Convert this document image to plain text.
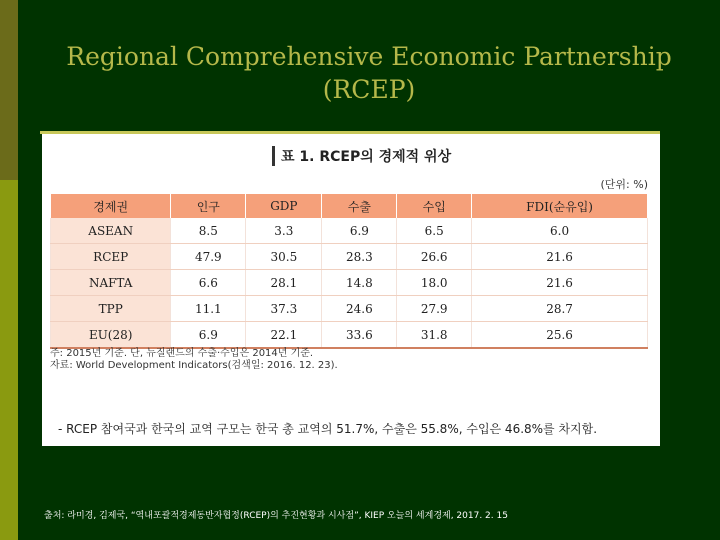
Regional Comprehensive Economic Partnership
(RCEP)
표 1. RCEP의 경제적 위상
(단위: %)
경제권	인구	GDP	수출	수입	FDI(순유입)
ASEAN	8.5	3.3	6.9	6.5	6.0
RCEP	47.9	30.5	28.3	26.6	21.6
NAFTA	6.6	28.1	14.8	18.0	21.6
TPP	11.1	37.3	24.6	27.9	28.7
EU(28)	6.9	22.1	33.6	31.8	25.6
주: 2015년 기준. 단, 뉴질랜드의 수출·수입은 2014년 기준.
자료: World Development Indicators(검색일: 2016. 12. 23).
- RCEP 참여국과 한국의 교역 구모는 한국 총 교역의 51.7%, 수출은 55.8%, 수입은 46.8%를 차지함.
출처: 라미경, 김제국, “역내포괄적경제동반자협정(RCEP)의 추진현황과 시사점”, KIEP 오늘의 세계경제, 2017. 2. 15
